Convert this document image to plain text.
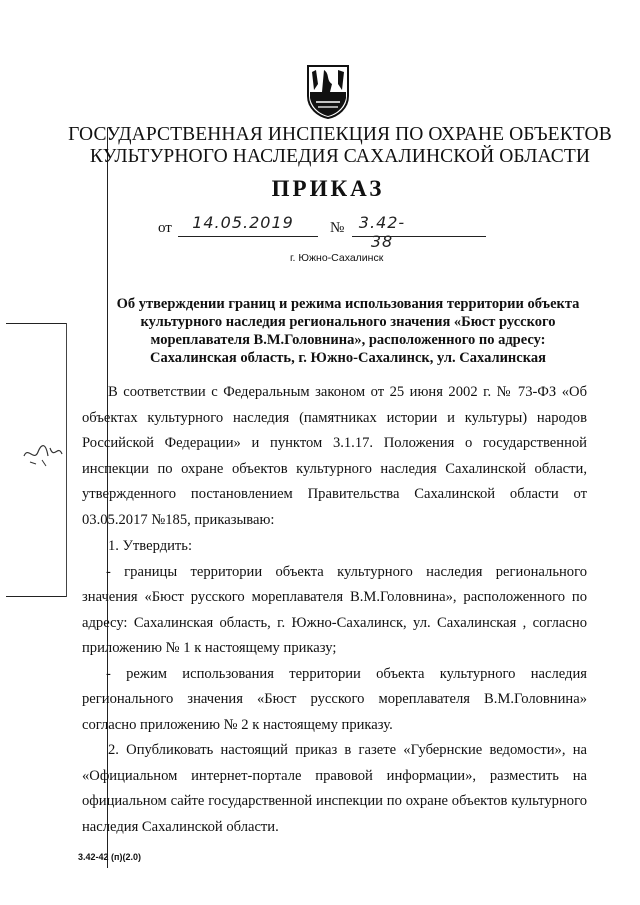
ГОСУДАРСТВЕННАЯ ИНСПЕКЦИЯ ПО ОХРАНЕ ОБЪЕКТОВ
КУЛЬТУРНОГО НАСЛЕДИЯ САХАЛИНСКОЙ ОБЛАСТИ
ПРИКАЗ
от	14.05.2019	№ 3.42-38
г. Южно-Сахалинск
Об утверждении границ и режима использования территории объекта
культурного наследия регионального значения «Бюст русского
мореплавателя В.М.Головнина», расположенного по адресу:
Сахалинская область, г. Южно-Сахалинск, ул. Сахалинская

В соответствии с Федеральным законом от 25 июня 2002 г. № 73-ФЗ «Об объектах культурного наследия (памятниках истории и культуры) народов Российской Федерации» и пунктом 3.1.17. Положения о государственной инспекции по охране объектов культурного наследия Сахалинской области, утвержденного постановлением Правительства Сахалинской области от 03.05.2017 №185, приказываю:

1. Утвердить:

- границы территории объекта культурного наследия регионального значения «Бюст русского мореплавателя В.М.Головнина», расположенного по адресу: Сахалинская область, г. Южно-Сахалинск, ул. Сахалинская , согласно приложению № 1 к настоящему приказу;

- режим использования территории объекта культурного наследия регионального значения «Бюст русского мореплавателя В.М.Головнина» согласно приложению № 2 к настоящему приказу.

2. Опубликовать настоящий приказ в газете «Губернские ведомости», на «Официальном интернет-портале правовой информации», разместить на официальном сайте государственной инспекции по охране объектов культурного наследия Сахалинской области.

3.42-42 (п)(2.0)
